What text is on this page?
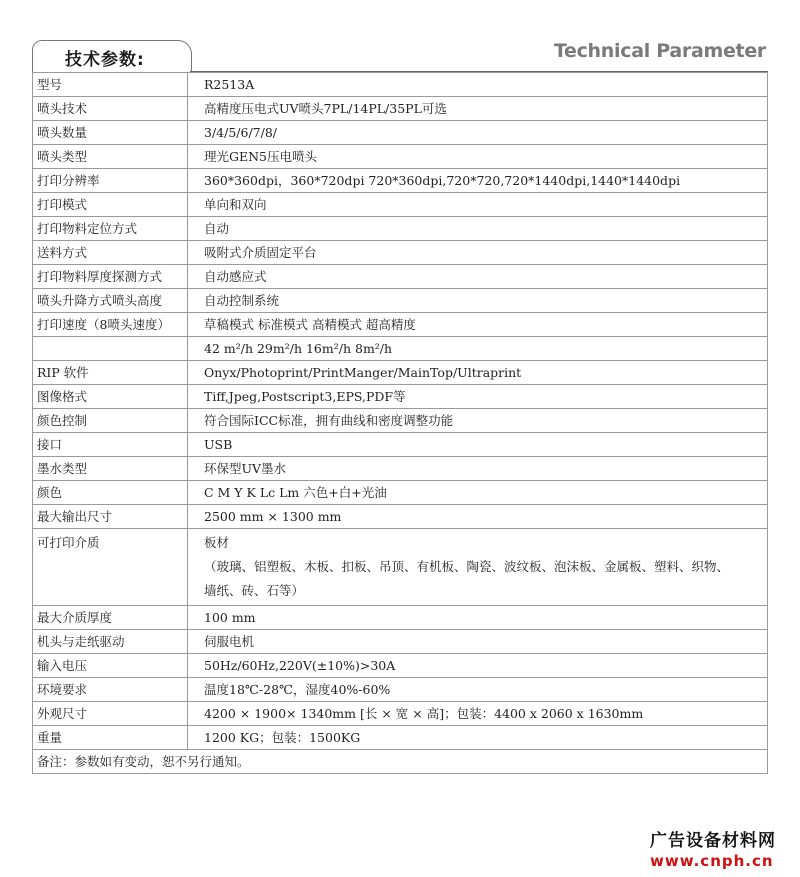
技术参数:	Technical Parameter
型号	R2513A
喷头技术	高精度压电式UV喷头7PL/14PL/35PL可选
喷头数量	3/4/5/6/7/8/
喷头类型	理光GEN5压电喷头
打印分辨率	360*360dpi，360*720dpi 720*360dpi,720*720,720*1440dpi,1440*1440dpi
打印模式	单向和双向
打印物料定位方式	自动
送料方式	吸附式介质固定平台
打印物料厚度探测方式	自动感应式
喷头升降方式喷头高度	自动控制系统
打印速度（8喷头速度）	草稿模式 标准模式 高精模式 超高精度
	42 m²/h 29m²/h 16m²/h 8m²/h
RIP 软件	Onyx/Photoprint/PrintManger/MainTop/Ultraprint
图像格式	Tiff,Jpeg,Postscript3,EPS,PDF等
颜色控制	符合国际ICC标准，拥有曲线和密度调整功能
接口	USB
墨水类型	环保型UV墨水
颜色	C M Y K Lc Lm 六色+白+光油
最大输出尺寸	2500 mm × 1300 mm

可打印介质	板材
（玻璃、铝塑板、木板、扣板、吊顶、有机板、陶瓷、波纹板、泡沫板、金属板、塑料、织物、
墙纸、砖、石等）

最大介质厚度	100 mm
机头与走纸驱动	伺服电机
输入电压	50Hz/60Hz,220V(±10%)>30A
环境要求	温度18℃-28℃，湿度40%-60%
外观尺寸	4200 × 1900× 1340mm [长 × 宽 × 高]；包装：4400 x 2060 x 1630mm
重量	1200 KG；包装：1500KG
备注：参数如有变动，恕不另行通知。	
广告设备材料网
www.cnph.cn
